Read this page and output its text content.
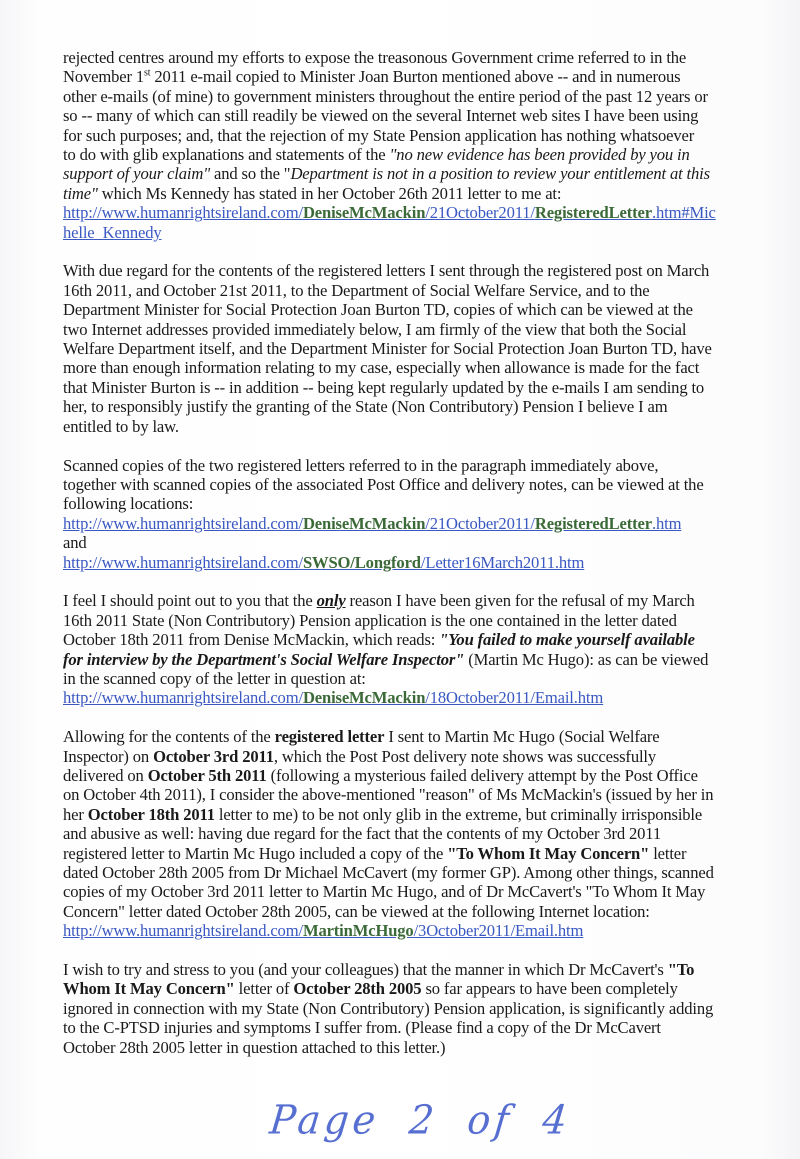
rejected centres around my efforts to expose the treasonous Government crime referred to in the
November 1st 2011 e-mail copied to Minister Joan Burton mentioned above -- and in numerous
other e-mails (of mine) to government ministers throughout the entire period of the past 12 years or
so -- many of which can still readily be viewed on the several Internet web sites I have been using
for such purposes; and, that the rejection of my State Pension application has nothing whatsoever
to do with glib explanations and statements of the "no new evidence has been provided by you in
support of your claim" and so the "Department is not in a position to review your entitlement at this
time" which Ms Kennedy has stated in her October 26th 2011 letter to me at:
http://www.humanrightsireland.com/DeniseMcMackin/21October2011/RegisteredLetter.htm#Mic
helle_Kennedy
With due regard for the contents of the registered letters I sent through the registered post on March
16th 2011, and October 21st 2011, to the Department of Social Welfare Service, and to the
Department Minister for Social Protection Joan Burton TD, copies of which can be viewed at the
two Internet addresses provided immediately below, I am firmly of the view that both the Social
Welfare Department itself, and the Department Minister for Social Protection Joan Burton TD, have
more than enough information relating to my case, especially when allowance is made for the fact
that Minister Burton is -- in addition -- being kept regularly updated by the e-mails I am sending to
her, to responsibly justify the granting of the State (Non Contributory) Pension I believe I am
entitled to by law.
Scanned copies of the two registered letters referred to in the paragraph immediately above,
together with scanned copies of the associated Post Office and delivery notes, can be viewed at the
following locations:
http://www.humanrightsireland.com/DeniseMcMackin/21October2011/RegisteredLetter.htm
and
http://www.humanrightsireland.com/SWSO/Longford/Letter16March2011.htm
I feel I should point out to you that the only reason I have been given for the refusal of my March
16th 2011 State (Non Contributory) Pension application is the one contained in the letter dated
October 18th 2011 from Denise McMackin, which reads: "You failed to make yourself available
for interview by the Department's Social Welfare Inspector" (Martin Mc Hugo): as can be viewed
in the scanned copy of the letter in question at:
http://www.humanrightsireland.com/DeniseMcMackin/18October2011/Email.htm
Allowing for the contents of the registered letter I sent to Martin Mc Hugo (Social Welfare
Inspector) on October 3rd 2011, which the Post Post delivery note shows was successfully
delivered on October 5th 2011 (following a mysterious failed delivery attempt by the Post Office
on October 4th 2011), I consider the above-mentioned "reason" of Ms McMackin's (issued by her in
her October 18th 2011 letter to me) to be not only glib in the extreme, but criminally irrisponsible
and abusive as well: having due regard for the fact that the contents of my October 3rd 2011
registered letter to Martin Mc Hugo included a copy of the "To Whom It May Concern" letter
dated October 28th 2005 from Dr Michael McCavert (my former GP). Among other things, scanned
copies of my October 3rd 2011 letter to Martin Mc Hugo, and of Dr McCavert's "To Whom It May
Concern" letter dated October 28th 2005, can be viewed at the following Internet location:
http://www.humanrightsireland.com/MartinMcHugo/3October2011/Email.htm
I wish to try and stress to you (and your colleagues) that the manner in which Dr McCavert's "To
Whom It May Concern" letter of October 28th 2005 so far appears to have been completely
ignored in connection with my State (Non Contributory) Pension application, is significantly adding
to the C-PTSD injuries and symptoms I suffer from. (Please find a copy of the Dr McCavert
October 28th 2005 letter in question attached to this letter.)
Page 2 of 4
